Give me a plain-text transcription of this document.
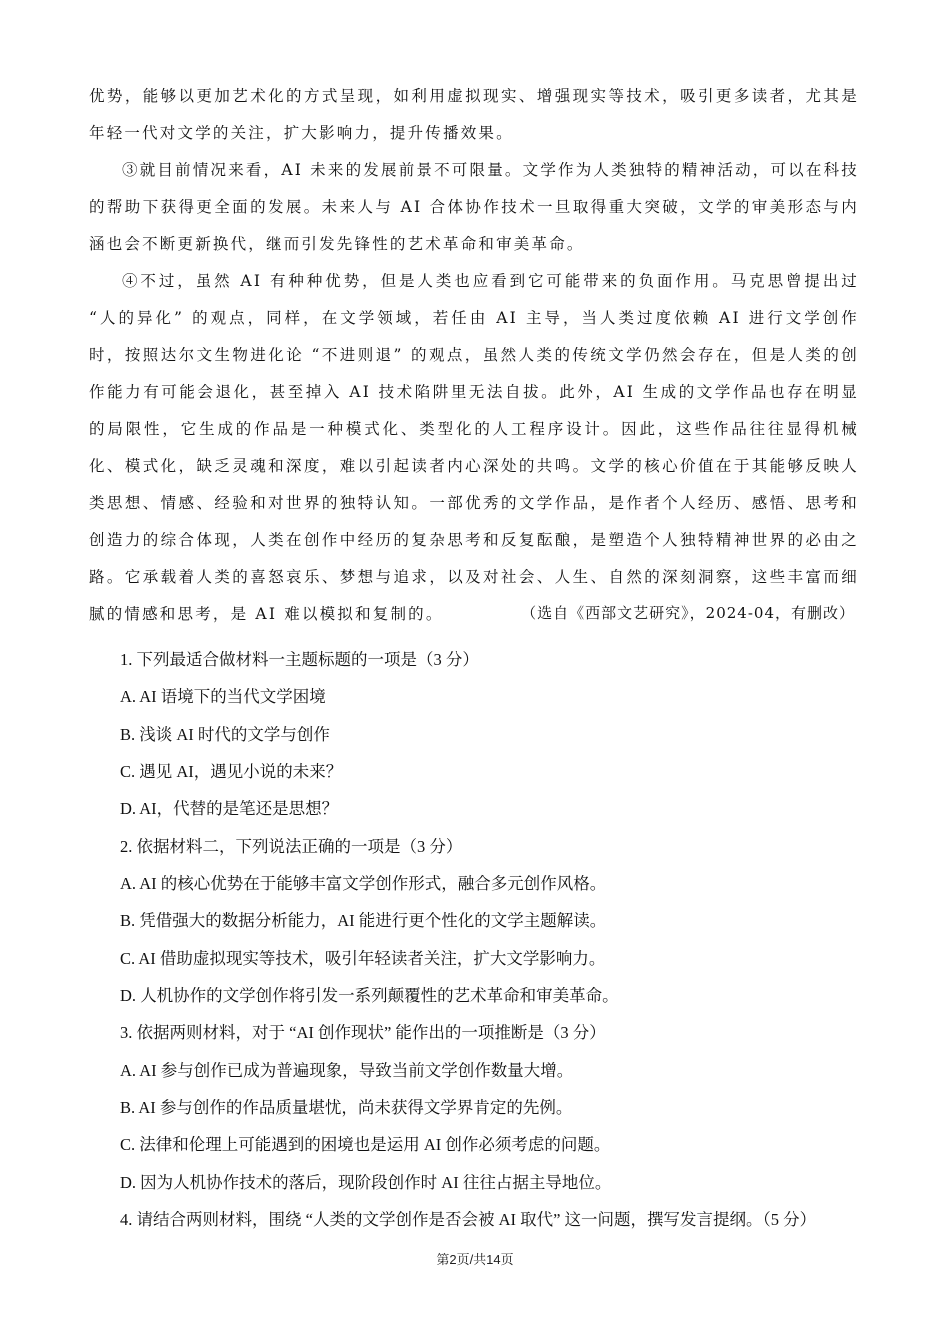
优势，能够以更加艺术化的方式呈现，如利用虚拟现实、增强现实等技术，吸引更多读者，尤其是年轻一代对文学的关注，扩大影响力，提升传播效果。

③就目前情况来看，AI 未来的发展前景不可限量。文学作为人类独特的精神活动，可以在科技的帮助下获得更全面的发展。未来人与 AI 合体协作技术一旦取得重大突破，文学的审美形态与内涵也会不断更新换代，继而引发先锋性的艺术革命和审美革命。

④不过，虽然 AI 有种种优势，但是人类也应看到它可能带来的负面作用。马克思曾提出过 “人的异化” 的观点，同样，在文学领域，若任由 AI 主导，当人类过度依赖 AI 进行文学创作时，按照达尔文生物进化论 “不进则退” 的观点，虽然人类的传统文学仍然会存在，但是人类的创作能力有可能会退化，甚至掉入 AI 技术陷阱里无法自拔。此外，AI 生成的文学作品也存在明显的局限性，它生成的作品是一种模式化、类型化的人工程序设计。因此，这些作品往往显得机械化、模式化，缺乏灵魂和深度，难以引起读者内心深处的共鸣。文学的核心价值在于其能够反映人类思想、情感、经验和对世界的独特认知。一部优秀的文学作品，是作者个人经历、感悟、思考和创造力的综合体现，人类在创作中经历的复杂思考和反复酝酿，是塑造个人独特精神世界的必由之路。它承载着人类的喜怒哀乐、梦想与追求，以及对社会、人生、自然的深刻洞察，这些丰富而细腻的情感和思考，是 AI 难以模拟和复制的。	（选自《西部文艺研究》，2024-04，有删改）
1. 下列最适合做材料一主题标题的一项是（3 分）
A. AI 语境下的当代文学困境
B. 浅谈 AI 时代的文学与创作
C. 遇见 AI，遇见小说的未来？
D. AI，代替的是笔还是思想？
2. 依据材料二，下列说法正确的一项是（3 分）
A. AI 的核心优势在于能够丰富文学创作形式，融合多元创作风格。
B. 凭借强大的数据分析能力，AI 能进行更个性化的文学主题解读。
C. AI 借助虚拟现实等技术，吸引年轻读者关注，扩大文学影响力。
D. 人机协作的文学创作将引发一系列颠覆性的艺术革命和审美革命。
3. 依据两则材料，对于 “AI 创作现状” 能作出的一项推断是（3 分）
A. AI 参与创作已成为普遍现象，导致当前文学创作数量大增。
B. AI 参与创作的作品质量堪忧，尚未获得文学界肯定的先例。
C. 法律和伦理上可能遇到的困境也是运用 AI 创作必须考虑的问题。
D. 因为人机协作技术的落后，现阶段创作时 AI 往往占据主导地位。
4. 请结合两则材料，围绕 “人类的文学创作是否会被 AI 取代” 这一问题，撰写发言提纲。（5 分）
第2页/共14页
